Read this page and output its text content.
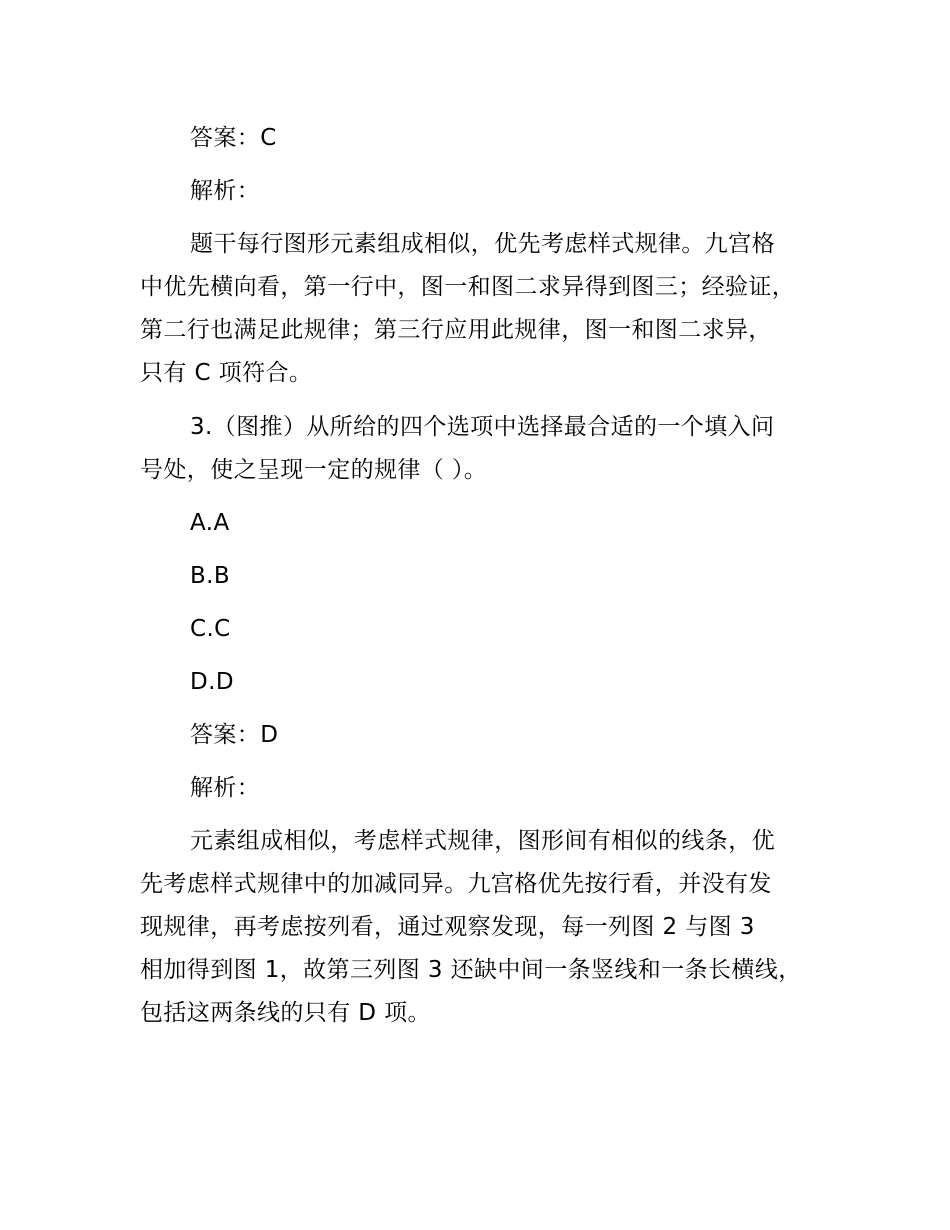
答案：C
解析：
题干每行图形元素组成相似，优先考虑样式规律。九宫格
中优先横向看，第一行中，图一和图二求异得到图三；经验证，
第二行也满足此规律；第三行应用此规律，图一和图二求异，
只有 C 项符合。
3.（图推）从所给的四个选项中选择最合适的一个填入问
号处，使之呈现一定的规律（ ）。
A.A
B.B
C.C
D.D
答案：D
解析：
元素组成相似，考虑样式规律，图形间有相似的线条，优
先考虑样式规律中的加减同异。九宫格优先按行看，并没有发
现规律，再考虑按列看，通过观察发现，每一列图 2 与图 3
相加得到图 1，故第三列图 3 还缺中间一条竖线和一条长横线，
包括这两条线的只有 D 项。
